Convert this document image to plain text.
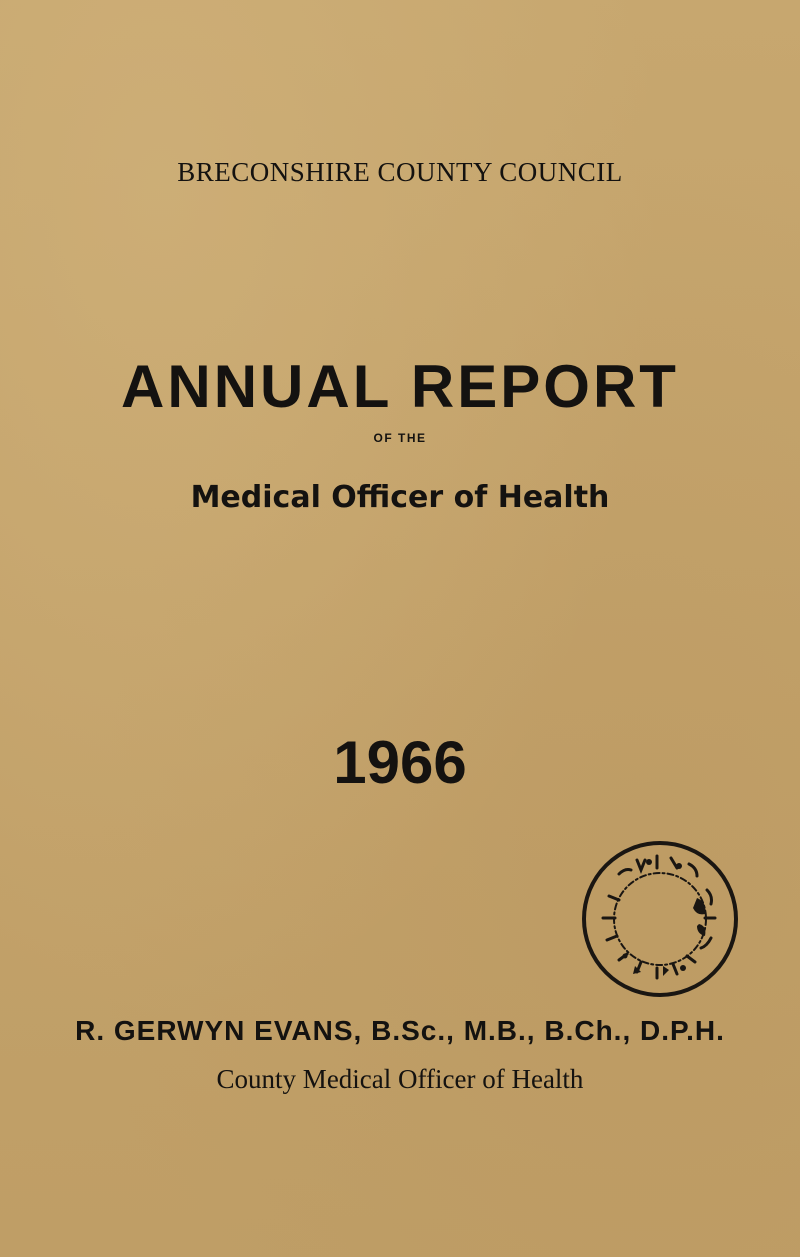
BRECONSHIRE COUNTY COUNCIL
ANNUAL REPORT
OF THE
Medical Officer of Health
1966
R. GERWYN EVANS, B.Sc., M.B., B.Ch., D.P.H.
County Medical Officer of Health
